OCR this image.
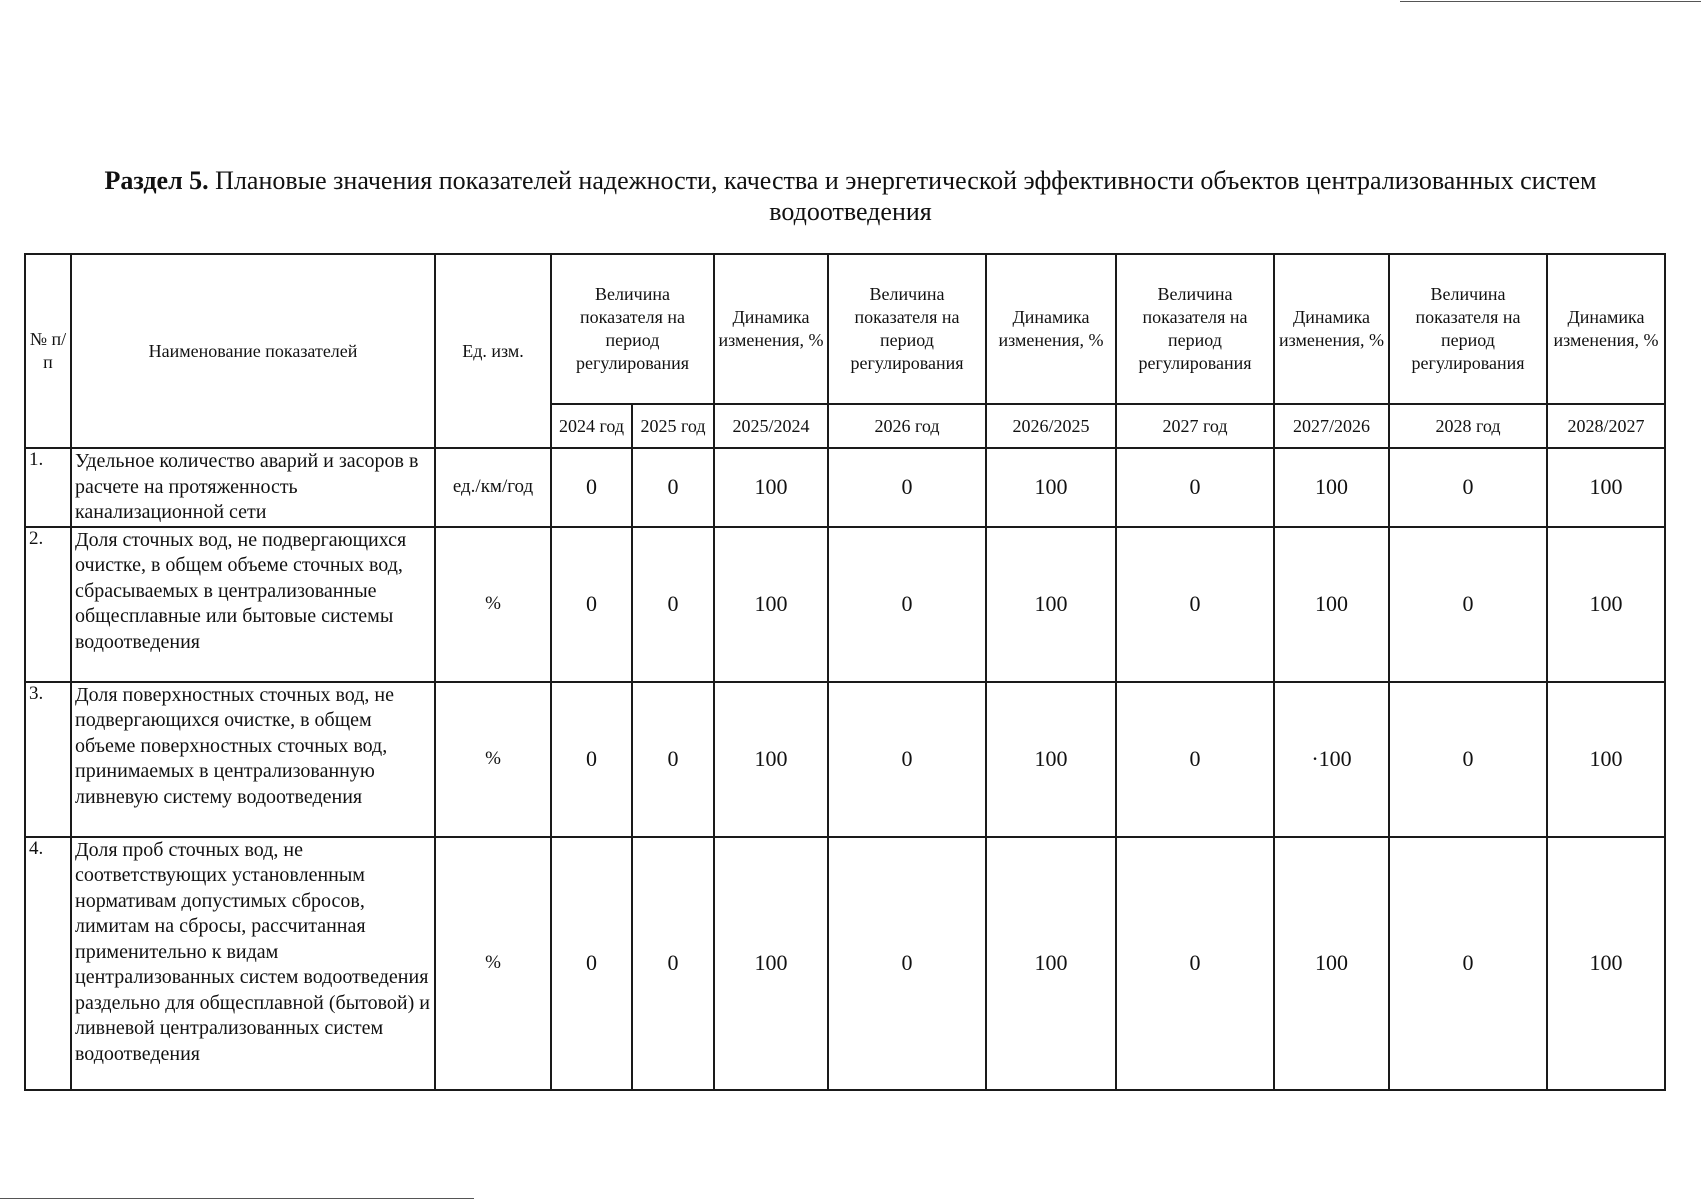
Раздел 5. Плановые значения показателей надежности, качества и энергетической эффективности объектов централизованных систем водоотведения
№ п/п	Наименование показателей	Ед. изм.	Величина показателя на период регулирования		Динамика изменения, %	Величина показателя на период регулирования	Динамика изменения, %	Величина показателя на период регулирования	Динамика изменения, %	Величина показателя на период регулирования	Динамика изменения, %
			2024 год	2025 год	2025/2024	2026 год	2026/2025	2027 год	2027/2026	2028 год	2028/2027
1.	Удельное количество аварий и засоров в расчете на протяженность канализационной сети	ед./км/год	0	0	100	0	100	0	100	0	100
2.	Доля сточных вод, не подвергающихся очистке, в общем объеме сточных вод, сбрасываемых в централизованные общесплавные или бытовые системы водоотведения	%	0	0	100	0	100	0	100	0	100
3.	Доля поверхностных сточных вод, не подвергающихся очистке, в общем объеме поверхностных сточных вод, принимаемых в централизованную ливневую систему водоотведения	%	0	0	100	0	100	0	·100	0	100
4.	Доля проб сточных вод, не соответствующих установленным нормативам допустимых сбросов, лимитам на сбросы, рассчитанная применительно к видам централизованных систем водоотведения раздельно для общесплавной (бытовой) и ливневой централизованных систем водоотведения	%	0	0	100	0	100	0	100	0	100
